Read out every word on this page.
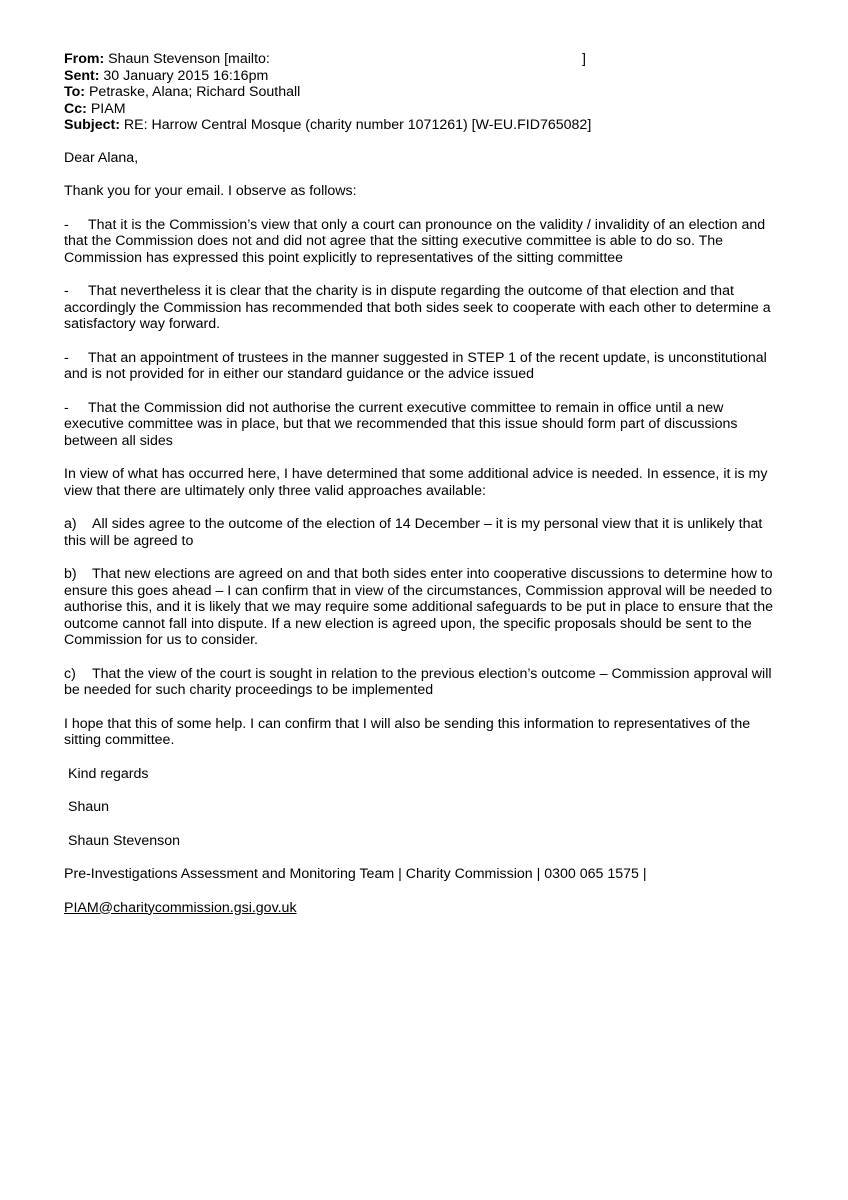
From: Shaun Stevenson [mailto:	]
Sent: 30 January 2015 16:16pm
To: Petraske, Alana; Richard Southall
Cc: PIAM
Subject: RE: Harrow Central Mosque (charity number 1071261) [W-EU.FID765082]

Dear Alana,

Thank you for your email. I observe as follows:

- That it is the Commission’s view that only a court can pronounce on the validity / invalidity of an election and that the Commission does not and did not agree that the sitting executive committee is able to do so. The Commission has expressed this point explicitly to representatives of the sitting committee

- That nevertheless it is clear that the charity is in dispute regarding the outcome of that election and that accordingly the Commission has recommended that both sides seek to cooperate with each other to determine a satisfactory way forward.

- That an appointment of trustees in the manner suggested in STEP 1 of the recent update, is unconstitutional and is not provided for in either our standard guidance or the advice issued

- That the Commission did not authorise the current executive committee to remain in office until a new executive committee was in place, but that we recommended that this issue should form part of discussions between all sides

In view of what has occurred here, I have determined that some additional advice is needed. In essence, it is my view that there are ultimately only three valid approaches available:

a) All sides agree to the outcome of the election of 14 December – it is my personal view that it is unlikely that this will be agreed to

b) That new elections are agreed on and that both sides enter into cooperative discussions to determine how to ensure this goes ahead – I can confirm that in view of the circumstances, Commission approval will be needed to authorise this, and it is likely that we may require some additional safeguards to be put in place to ensure that the outcome cannot fall into dispute. If a new election is agreed upon, the specific proposals should be sent to the Commission for us to consider.

c) That the view of the court is sought in relation to the previous election’s outcome – Commission approval will be needed for such charity proceedings to be implemented

I hope that this of some help. I can confirm that I will also be sending this information to representatives of the sitting committee.

Kind regards

Shaun

Shaun Stevenson

Pre-Investigations Assessment and Monitoring Team | Charity Commission | 0300 065 1575 |

PIAM@charitycommission.gsi.gov.uk
